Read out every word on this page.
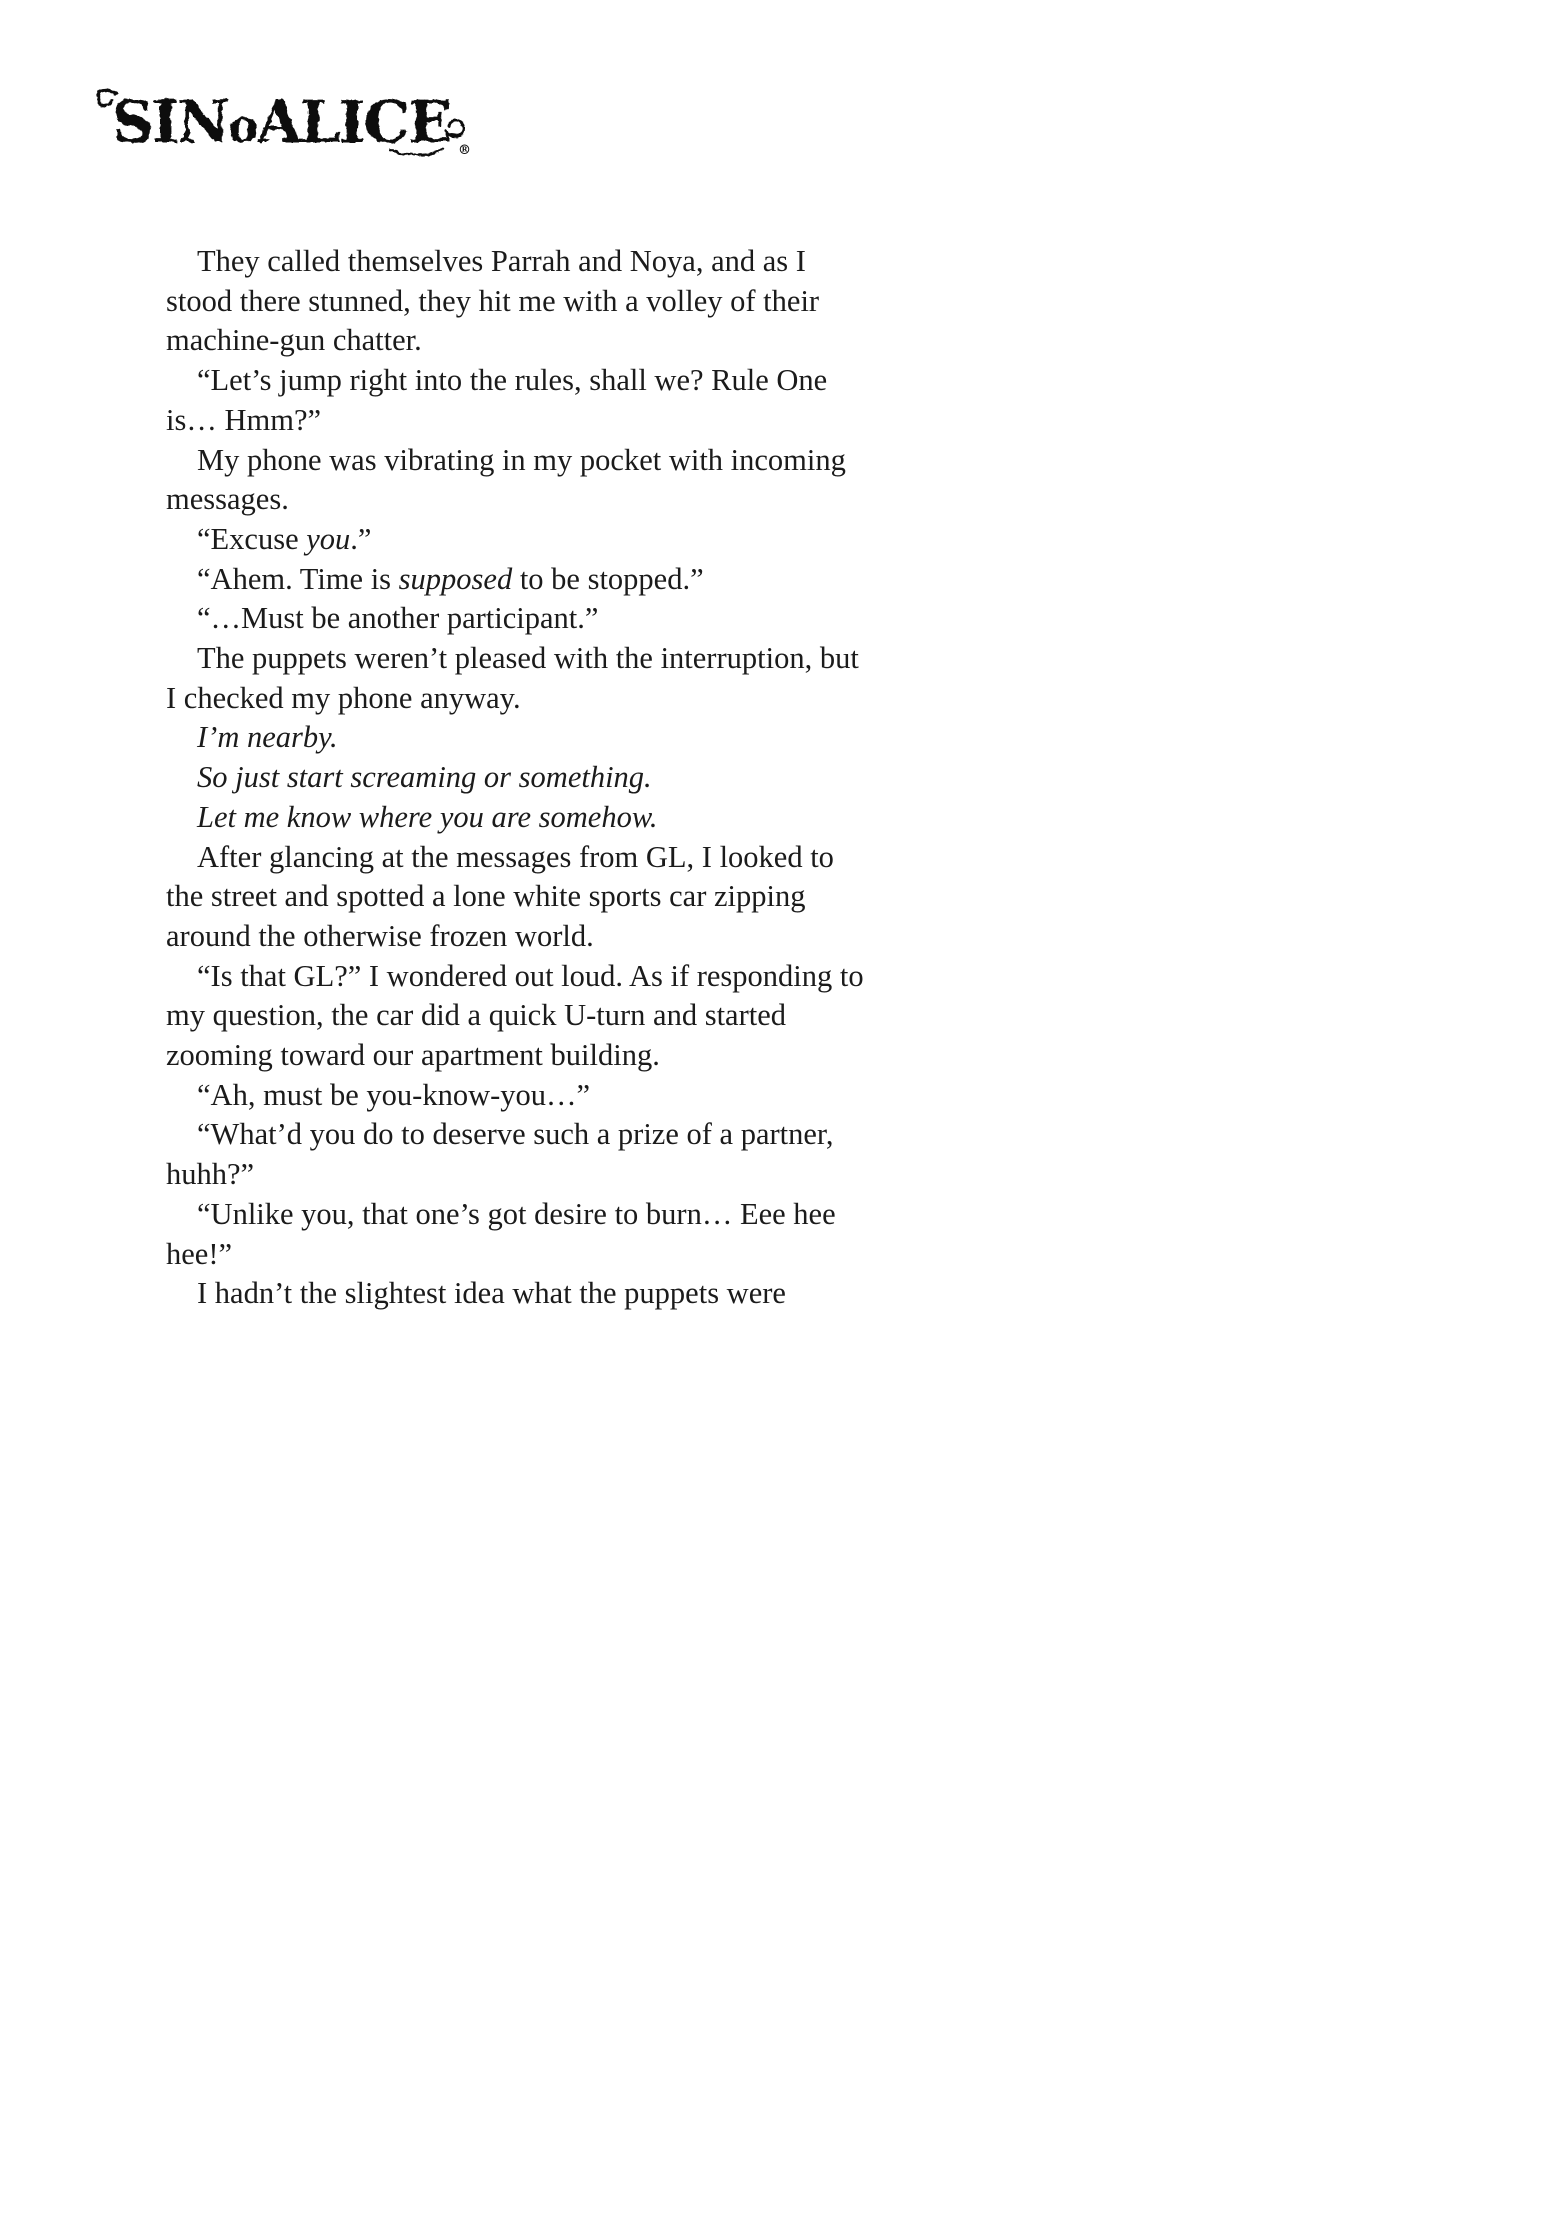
SINoALICE ®

They called themselves Parrah and Noya, and as I stood there stunned, they hit me with a volley of their machine-gun chatter.

“Let’s jump right into the rules, shall we? Rule One is… Hmm?”

My phone was vibrating in my pocket with incoming messages.

“Excuse you.”

“Ahem. Time is supposed to be stopped.”

“…Must be another participant.”

The puppets weren’t pleased with the interruption, but I checked my phone anyway.

I’m nearby.

So just start screaming or something.

Let me know where you are somehow.

After glancing at the messages from GL, I looked to the street and spotted a lone white sports car zipping around the otherwise frozen world.

“Is that GL?” I wondered out loud. As if responding to my question, the car did a quick U-turn and started zooming toward our apartment building.

“Ah, must be you-know-you…”

“What’d you do to deserve such a prize of a partner, huhh?”

“Unlike you, that one’s got desire to burn… Eee hee hee!”

I hadn’t the slightest idea what the puppets were
